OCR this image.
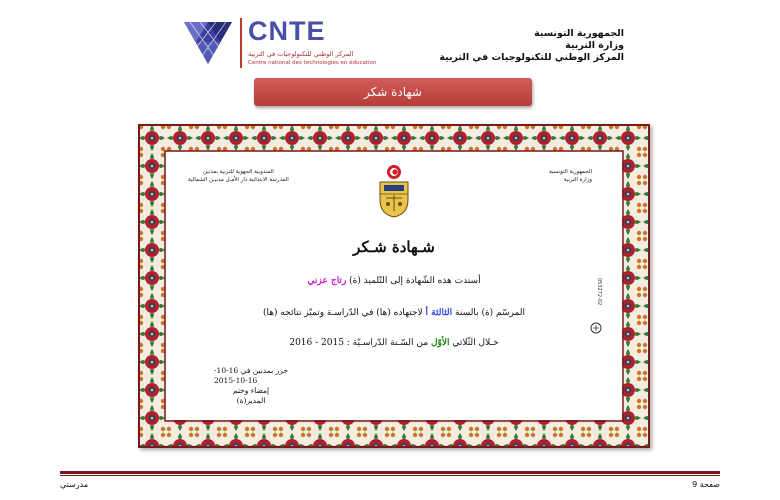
CNTE
المركز الوطني للتكنولوجيات في التربية
Centre national des technologies en éducation
الجمهورية التونسية
وزارة التربية
المركز الوطني للتكنولوجيات في التربية
شهادة شكر
الجمهورية التونسية
وزارة التربية
المندوبية الجهوية للتربية بمدنين
المدرسة الابتدائية دار الأمـل مدنيـن الشمالية
شـهادة شـكر
أسندت هذه الشّهادة إلى التّلميذ (ة) رتاج عزني
المرسّم (ة) بالسنة الثالثة أ لاجتهاده (ها) في الدّراسـة وتميّز نتائجه (ها)
خـلال الثّلاثي الأوّل من السّـنة الدّراسـيّة : 2015 - 2016
حرر بمدنين في 16-10-
2015-10-16
إمضاء وختم
المدير(ة)
053272-02
صفحة 9
مدرستي
